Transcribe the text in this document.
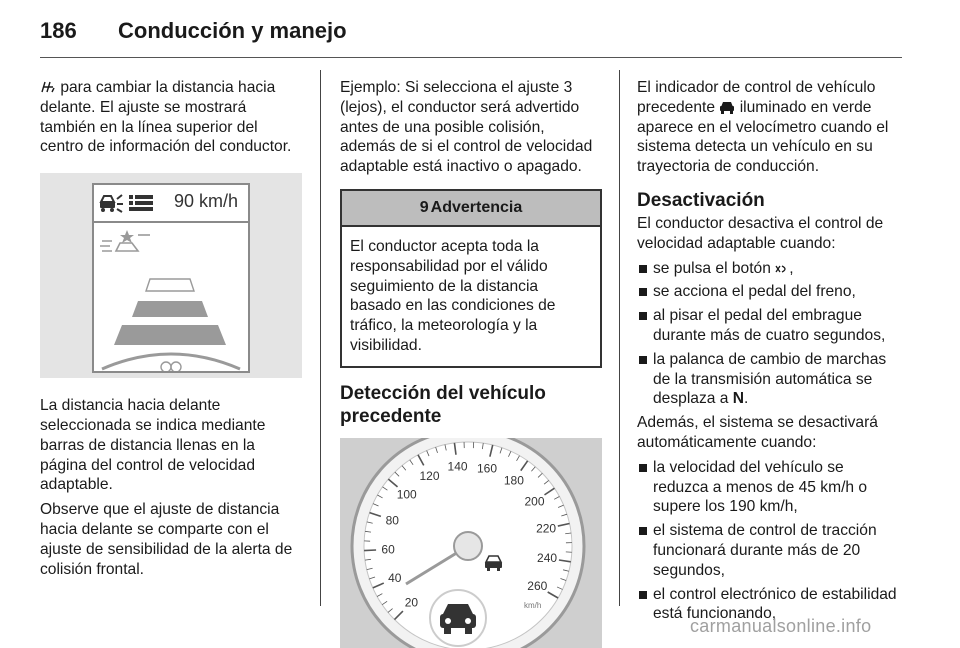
186 Conducción y manejo

para cambiar la distancia hacia delante. El ajuste se mostrará también en la línea superior del centro de información del conductor.

90 km/h

La distancia hacia delante seleccionada se indica mediante barras de distancia llenas en la página del control de velocidad adaptable.

Observe que el ajuste de distancia hacia delante se comparte con el ajuste de sensibilidad de la alerta de colisión frontal.

Ejemplo: Si selecciona el ajuste 3 (lejos), el conductor será advertido antes de una posible colisión, además de si el control de velocidad adaptable está inactivo o apagado.

9 Advertencia
El conductor acepta toda la responsabilidad por el válido seguimiento de la distancia basado en las condiciones de tráfico, la meteorología y la visibilidad.
Detección del vehículo precedente
20
40
60
80
100
120
140 160
180
200
220
240
260
km/h

El indicador de control de vehículo precedente  iluminado en verde aparece en el velocímetro cuando el sistema detecta un vehículo en su trayectoria de conducción.

Desactivación

El conductor desactiva el control de velocidad adaptable cuando:

se pulsa el botón ,
se acciona el pedal del freno,
al pisar el pedal del embrague durante más de cuatro segundos,
la palanca de cambio de marchas de la transmisión automática se desplaza a N.

Además, el sistema se desactivará automáticamente cuando:

la velocidad del vehículo se reduzca a menos de 45 km/h o supere los 190 km/h,
el sistema de control de tracción funcionará durante más de 20 segundos,
el control electrónico de estabilidad está funcionando,
carmanualsonline.info
